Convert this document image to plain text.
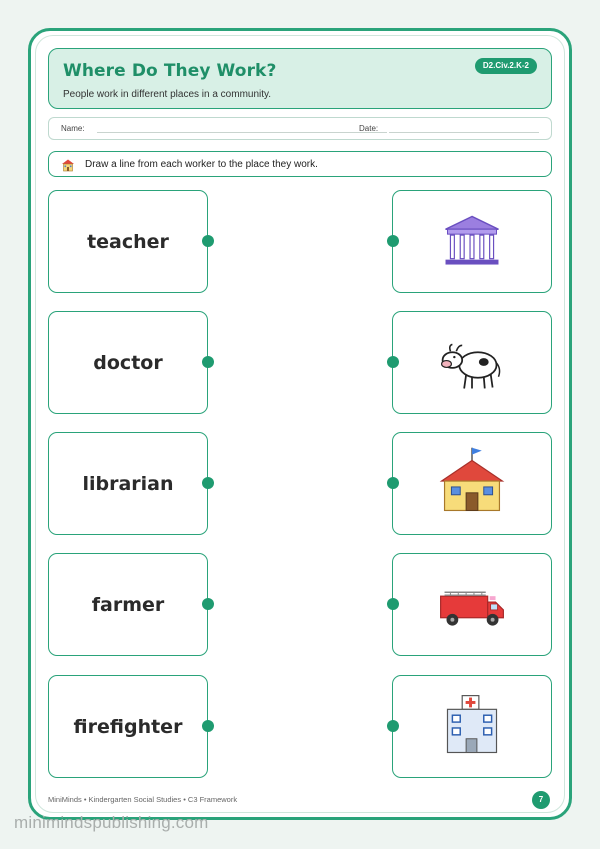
Where Do They Work?
People work in different places in a community.
D2.Civ.2.K-2
Name:	Date:
Draw a line from each worker to the place they work.
teacher
doctor
librarian
farmer
firefighter
MiniMinds • Kindergarten Social Studies • C3 Framework	7
minimindspublishing.com
